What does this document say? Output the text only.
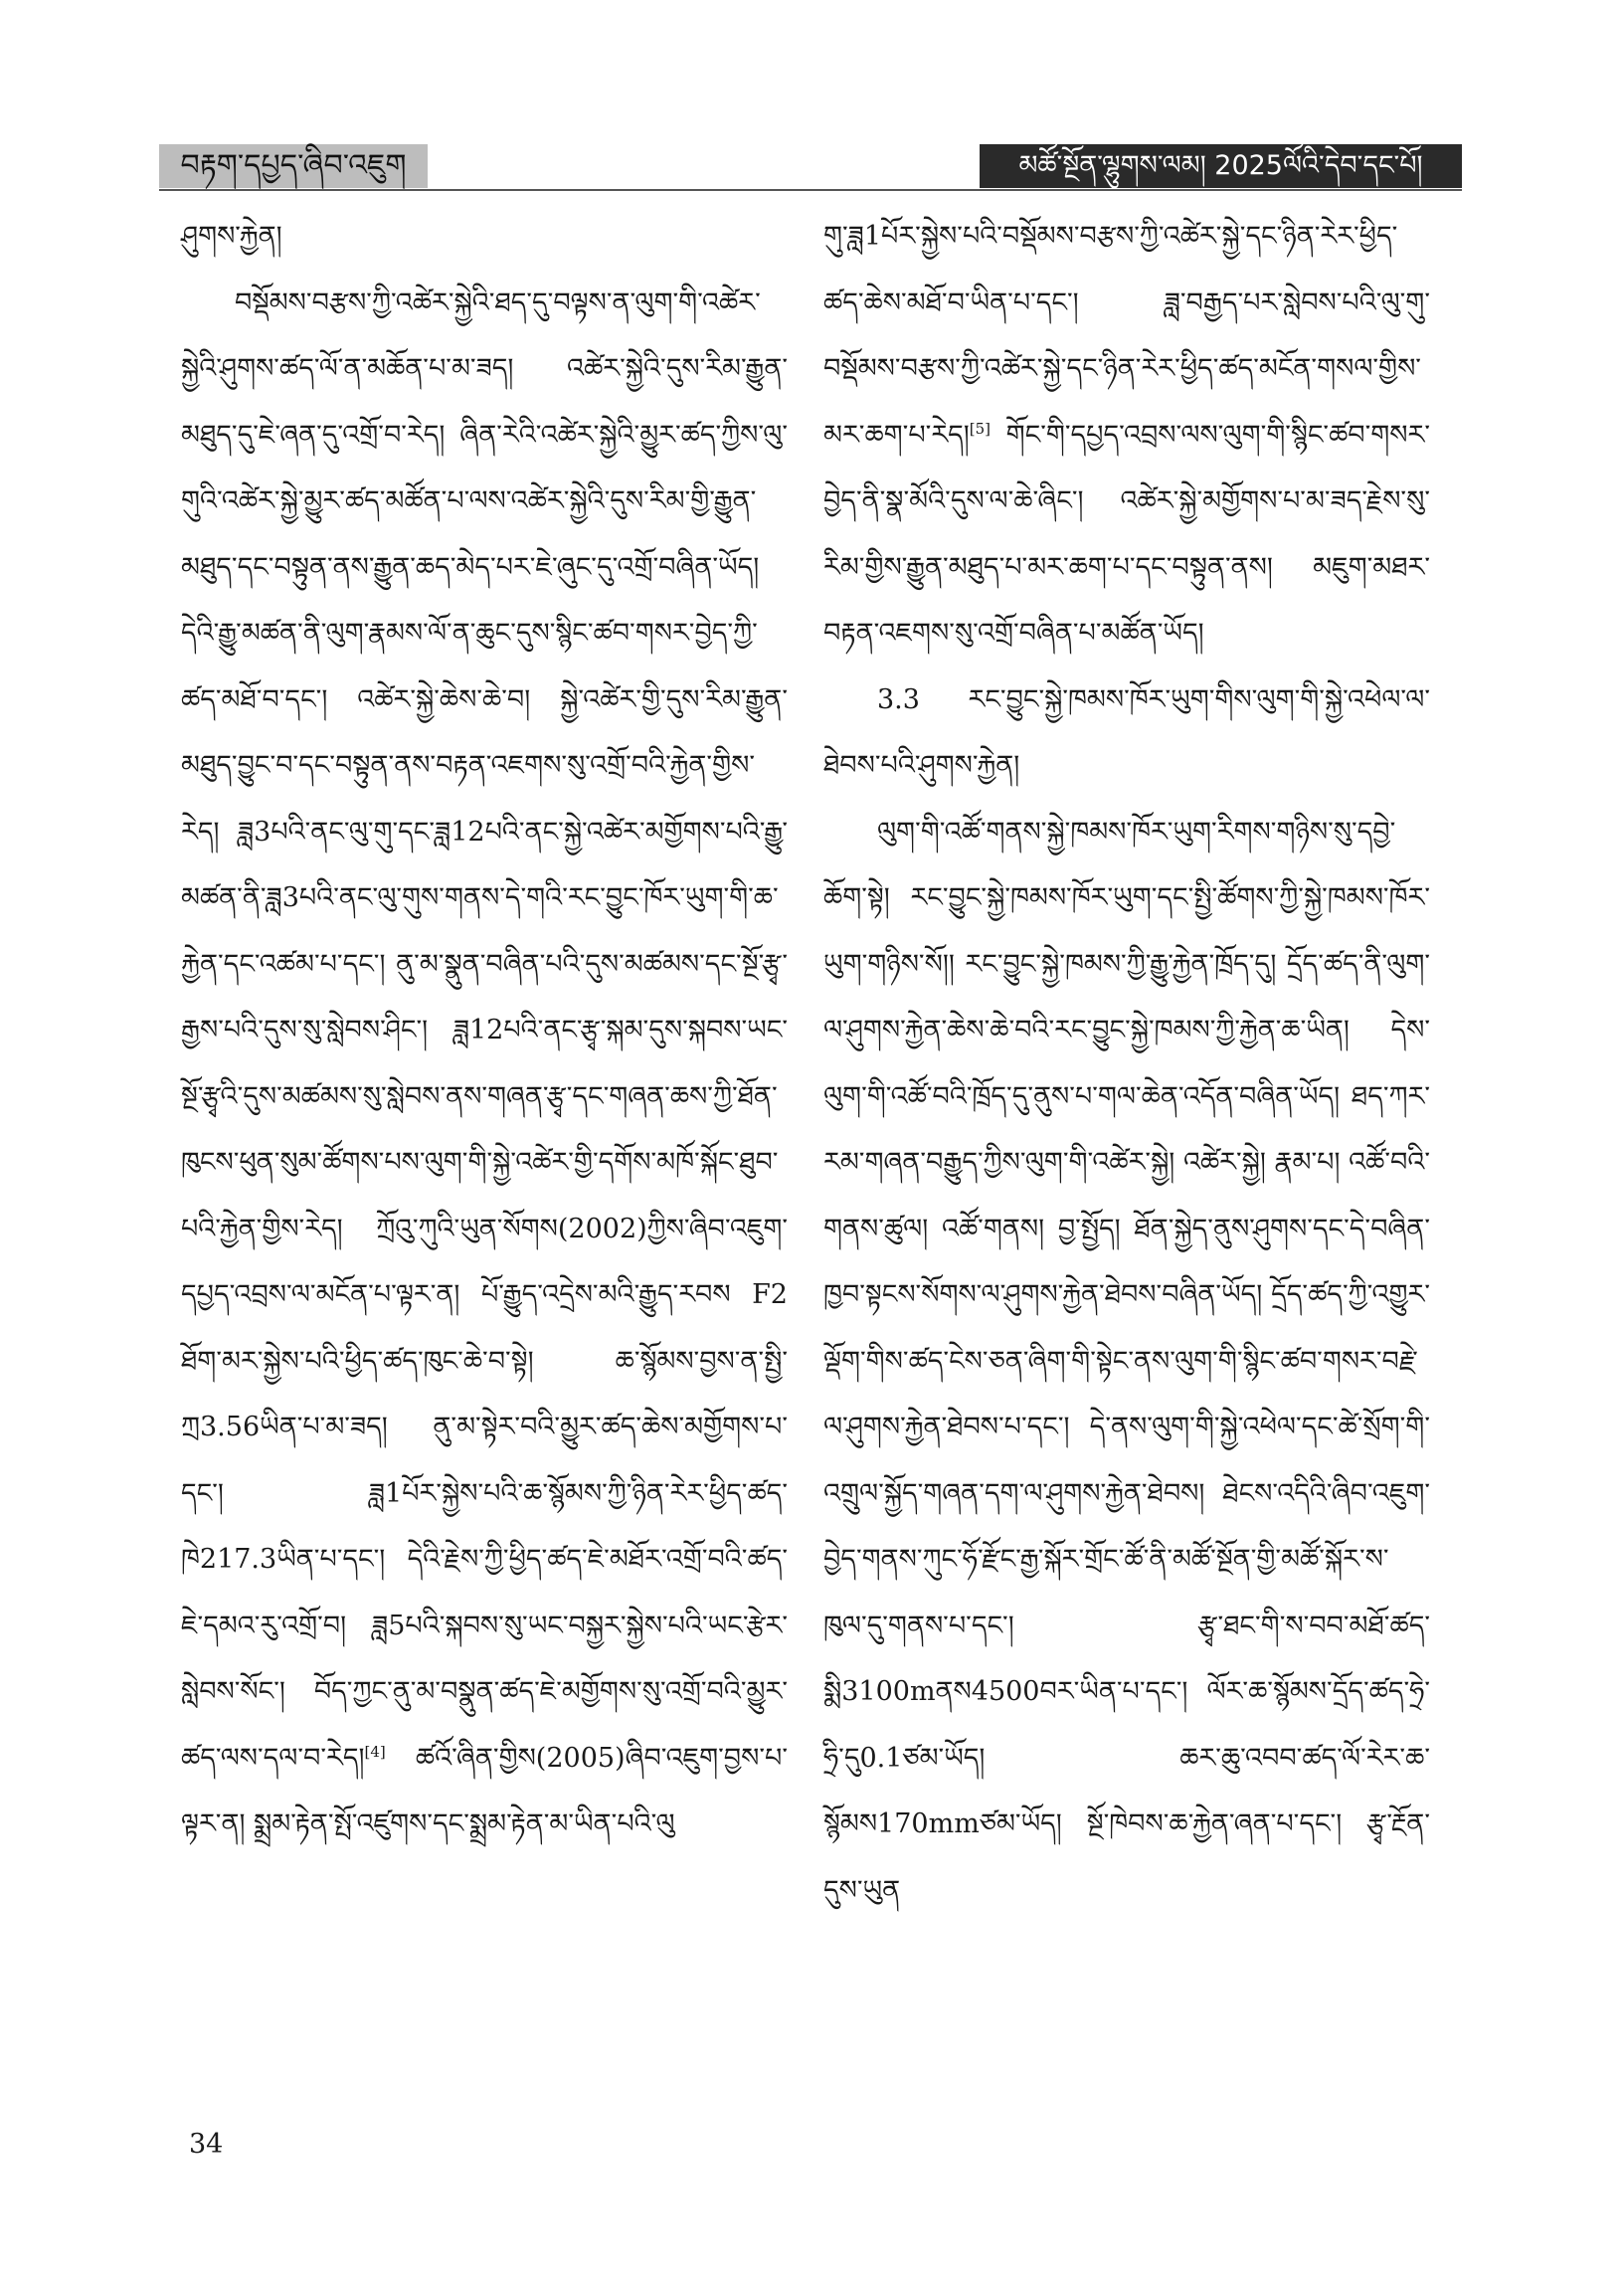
བརྟག་དཔྱད་ཞིབ་འཇུག	མཚོ་སྔོན་ལྷུགས་ལམ། 2025ལོའི་དེབ་དང་པོ།

ཤུགས་རྐྱེན།

བསྡོམས་བརྩས་ཀྱི་འཚེར་སྐྱེའི་ཐད་དུ་བལྟས་ན་ལུག་གི་འཚེར་སྐྱེའི་ཤུགས་ཚད་ལོ་ན་མཆོན་པ་མ་ཟད། འཚེར་སྐྱེའི་དུས་རིམ་རྒྱུན་མཐུད་དུ་ཇེ་ཞན་དུ་འགྲོ་བ་རེད། ཞིན་རེའི་འཚེར་སྐྱེའི་མྱུར་ཚད་ཀྱིས་ལུ་གུའི་འཚེར་སྐྱེ་མྱུར་ཚད་མཚོན་པ་ལས་འཚེར་སྐྱེའི་དུས་རིམ་གྱི་རྒྱུན་མཐུད་དང་བསྟུན་ནས་རྒྱུན་ཆད་མེད་པར་ཇེ་ཞུང་དུ་འགྲོ་བཞིན་ཡོད། དེའི་རྒྱུ་མཚན་ནི་ལུག་རྣམས་ལོ་ན་ཆུང་དུས་སྙིང་ཚབ་གསར་བྱེད་ཀྱི་ཚད་མཐོ་བ་དང་། འཚེར་སྐྱེ་ཆེས་ཆེ་བ། སྐྱེ་འཚེར་གྱི་དུས་རིམ་རྒྱུན་མཐུད་བྱུང་བ་དང་བསྟུན་ནས་བརྟན་འཇགས་སུ་འགྲོ་བའི་རྐྱེན་གྱིས་རེད། ཟླ3པའི་ནང་ལུ་གུ་དང་ཟླ12པའི་ནང་སྐྱེ་འཚེར་མགྱོགས་པའི་རྒྱུ་མཚན་ནི་ཟླ3པའི་ནང་ལུ་གུས་གནས་དེ་གའི་རང་བྱུང་ཁོར་ཡུག་གི་ཆ་རྐྱེན་དང་འཚམ་པ་དང་། ནུ་མ་སྣུན་བཞིན་པའི་དུས་མཚམས་དང་སྔོ་རྩྭ་རྒྱས་པའི་དུས་སུ་སླེབས་ཤིང་། ཟླ12པའི་ནང་རྩྭ་སྐམ་དུས་སྐབས་ཡང་སྔོ་རྩྭའི་དུས་མཚམས་སུ་སླེབས་ནས་གཞན་རྩྭ་དང་གཞན་ཆས་ཀྱི་ཐོན་ཁུངས་ཕུན་སུམ་ཚོགས་པས་ལུག་གི་སྐྱེ་འཚེར་གྱི་དགོས་མཁོ་སྐོང་ཐུབ་པའི་རྐྱེན་གྱིས་རེད། ཀྲོའུ་ཀུའི་ཡུན་སོགས(2002)ཀྱིས་ཞིབ་འཇུག་དཔྱད་འབྲས་ལ་མངོན་པ་ལྟར་ན། པོ་རྒྱུད་འདྲེས་མའི་རྒྱུད་རབས F2 ཐོག་མར་སྐྱེས་པའི་ཕྱིད་ཚད་ཁུང་ཆེ་བ་སྟེ། ཆ་སྙོམས་བྱས་ན་སྤྱི་ཀྲ3.56ཡིན་པ་མ་ཟད། ནུ་མ་སྟེར་བའི་མྱུར་ཚད་ཆེས་མགྱོགས་པ་དང་། ཟླ1པོར་སྐྱེས་པའི་ཆ་སྙོམས་ཀྱི་ཉིན་རེར་ཕྱིད་ཚད་ཁེ217.3ཡིན་པ་དང་། དེའི་རྗེས་ཀྱི་ཕྱིད་ཚད་ཇེ་མཐོར་འགྲོ་བའི་ཚད་ཇེ་དམའ་རུ་འགྲོ་བ། ཟླ5པའི་སྐབས་སུ་ཡང་བསྐྱར་སྐྱེས་པའི་ཡང་རྩེར་སླེབས་སོང་། བོད་ཀྱང་ནུ་མ་བསྣུན་ཚད་ཇེ་མགྱོགས་སུ་འགྲོ་བའི་མྱུར་ཚད་ལས་དལ་བ་རེད།[4] ཚའོ་ཞིན་གྱིས(2005)ཞིབ་འཇུག་བྱས་པ་ལྟར་ན། སྨྲམ་རྟེན་སྤོ་འཛུགས་དང་སྨྲམ་རྟེན་མ་ཡིན་པའི་ལུ

གུ་ཟླ1པོར་སྐྱེས་པའི་བསྡོམས་བརྩས་ཀྱི་འཚེར་སྐྱེ་དང་ཉིན་རེར་ཕྱིད་ཚད་ཆེས་མཐོ་བ་ཡིན་པ་དང་། ཟླ་བརྒྱད་པར་སླེབས་པའི་ལུ་གུ་བསྡོམས་བརྩས་ཀྱི་འཚེར་སྐྱེ་དང་ཉིན་རེར་ཕྱིད་ཚད་མངོན་གསལ་གྱིས་མར་ཆག་པ་རེད།[5] གོང་གི་དཔྱད་འབྲས་ལས་ལུག་གི་སྙིང་ཚབ་གསར་བྱེད་ནི་སྣ་མོའི་དུས་ལ་ཆེ་ཞིང་། འཚེར་སྐྱེ་མགྱོགས་པ་མ་ཟད་རྗེས་སུ་རིམ་གྱིས་རྒྱུན་མཐུད་པ་མར་ཆག་པ་དང་བསྟུན་ནས། མཇུག་མཐར་བརྟན་འཇགས་སུ་འགྲོ་བཞིན་པ་མཚོན་ཡོད།

3.3 རང་བྱུང་སྐྱེ་ཁམས་ཁོར་ཡུག་གིས་ལུག་གི་སྐྱེ་འཕེལ་ལ་ཐེབས་པའི་ཤུགས་རྐྱེན།

ལུག་གི་འཚོ་གནས་སྐྱེ་ཁམས་ཁོར་ཡུག་རིགས་གཉིས་སུ་དབྱེ་ཆོག་སྟེ། རང་བྱུང་སྐྱེ་ཁམས་ཁོར་ཡུག་དང་སྤྱི་ཚོགས་ཀྱི་སྐྱེ་ཁམས་ཁོར་ཡུག་གཉིས་སོ།། རང་བྱུང་སྐྱེ་ཁམས་ཀྱི་རྒྱུ་རྐྱེན་ཁྲོད་དུ། དྲོད་ཚད་ནི་ལུག་ལ་ཤུགས་རྐྱེན་ཆེས་ཆེ་བའི་རང་བྱུང་སྐྱེ་ཁམས་ཀྱི་རྐྱེན་ཆ་ཡིན། དེས་ལུག་གི་འཚོ་བའི་ཁྲོད་དུ་ནུས་པ་གལ་ཆེན་འདོན་བཞིན་ཡོད། ཐད་ཀར་རམ་གཞན་བརྒྱུད་ཀྱིས་ལུག་གི་འཚེར་སྐྱེ། འཚེར་སྐྱེ། རྣམ་པ། འཚོ་བའི་གནས་ཚུལ། འཚོ་གནས། བྱ་སྤྱོད། ཐོན་སྐྱེད་ནུས་ཤུགས་དང་དེ་བཞིན་ཁྱབ་སྟངས་སོགས་ལ་ཤུགས་རྐྱེན་ཐེབས་བཞིན་ཡོད། དྲོད་ཚད་ཀྱི་འགྱུར་ལྡོག་གིས་ཚད་ངེས་ཅན་ཞིག་གི་སྟེང་ནས་ལུག་གི་སྙིང་ཚབ་གསར་བརྗེ་ལ་ཤུགས་རྐྱེན་ཐེབས་པ་དང་། དེ་ནས་ལུག་གི་སྐྱེ་འཕེལ་དང་ཚེ་སྲོག་གི་འགྲུལ་སྐྱོད་གཞན་དག་ལ་ཤུགས་རྐྱེན་ཐེབས། ཐེངས་འདིའི་ཞིབ་འཇུག་བྱེད་གནས་ཀུང་ཧོ་རྫོང་རྒྱ་སྐོར་གྲོང་ཚོ་ནི་མཚོ་སྔོན་གྱི་མཚོ་སྐོར་ས་ཁུལ་དུ་གནས་པ་དང་། རྩྭ་ཐང་གི་ས་བབ་མཐོ་ཚད་སྨི3100mནས4500བར་ཡིན་པ་དང་། ལོར་ཆ་སྙོམས་དྲོད་ཚད་ཧྲེ་ཧྲི་དུ0.1ཙམ་ཡོད། ཆར་ཆུ་འབབ་ཚད་ལོ་རེར་ཆ་སྙོམས170mmཙམ་ཡོད། སྔོ་ཁེབས་ཆ་རྐྱེན་ཞན་པ་དང་། རྩྭ་རྔོན་དུས་ཡུན

34
